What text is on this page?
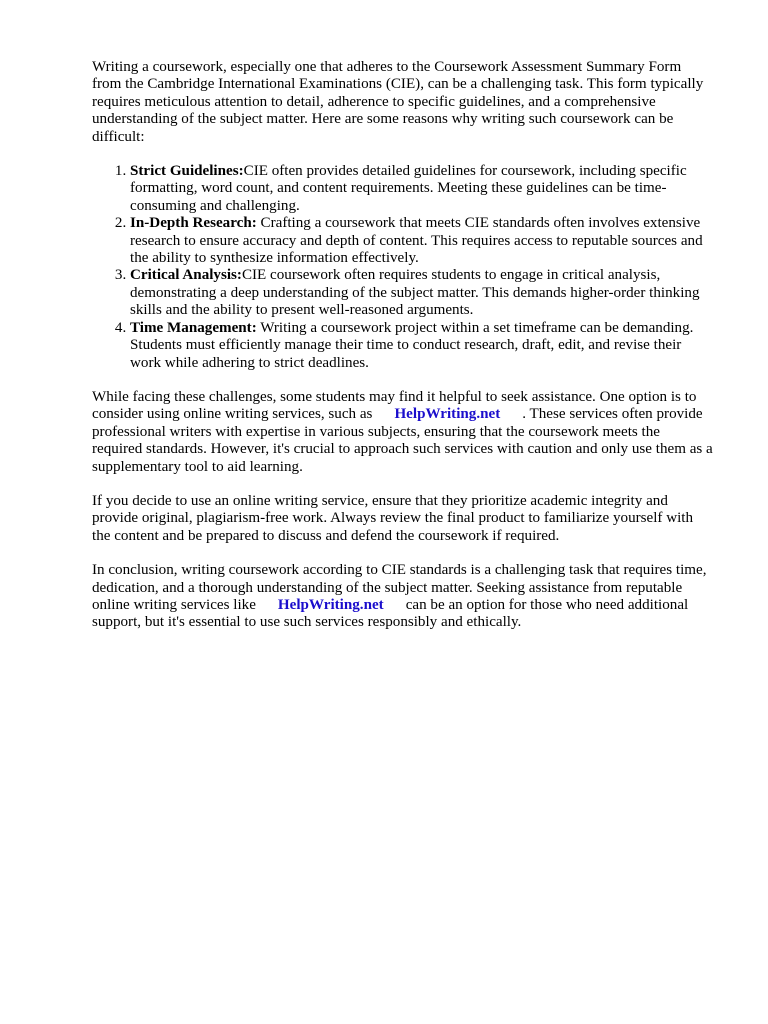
Writing a coursework, especially one that adheres to the Coursework Assessment Summary Form from the Cambridge International Examinations (CIE), can be a challenging task. This form typically requires meticulous attention to detail, adherence to specific guidelines, and a comprehensive understanding of the subject matter. Here are some reasons why writing such coursework can be difficult:

1. Strict Guidelines:CIE often provides detailed guidelines for coursework, including specific formatting, word count, and content requirements. Meeting these guidelines can be time-consuming and challenging.
2. In-Depth Research: Crafting a coursework that meets CIE standards often involves extensive research to ensure accuracy and depth of content. This requires access to reputable sources and the ability to synthesize information effectively.
3. Critical Analysis:CIE coursework often requires students to engage in critical analysis, demonstrating a deep understanding of the subject matter. This demands higher-order thinking skills and the ability to present well-reasoned arguments.
4. Time Management: Writing a coursework project within a set timeframe can be demanding. Students must efficiently manage their time to conduct research, draft, edit, and revise their work while adhering to strict deadlines.

While facing these challenges, some students may find it helpful to seek assistance. One option is to consider using online writing services, such as HelpWriting.net . These services often provide professional writers with expertise in various subjects, ensuring that the coursework meets the required standards. However, it's crucial to approach such services with caution and only use them as a supplementary tool to aid learning.

If you decide to use an online writing service, ensure that they prioritize academic integrity and provide original, plagiarism-free work. Always review the final product to familiarize yourself with the content and be prepared to discuss and defend the coursework if required.

In conclusion, writing coursework according to CIE standards is a challenging task that requires time, dedication, and a thorough understanding of the subject matter. Seeking assistance from reputable online writing services like HelpWriting.net can be an option for those who need additional support, but it's essential to use such services responsibly and ethically.
